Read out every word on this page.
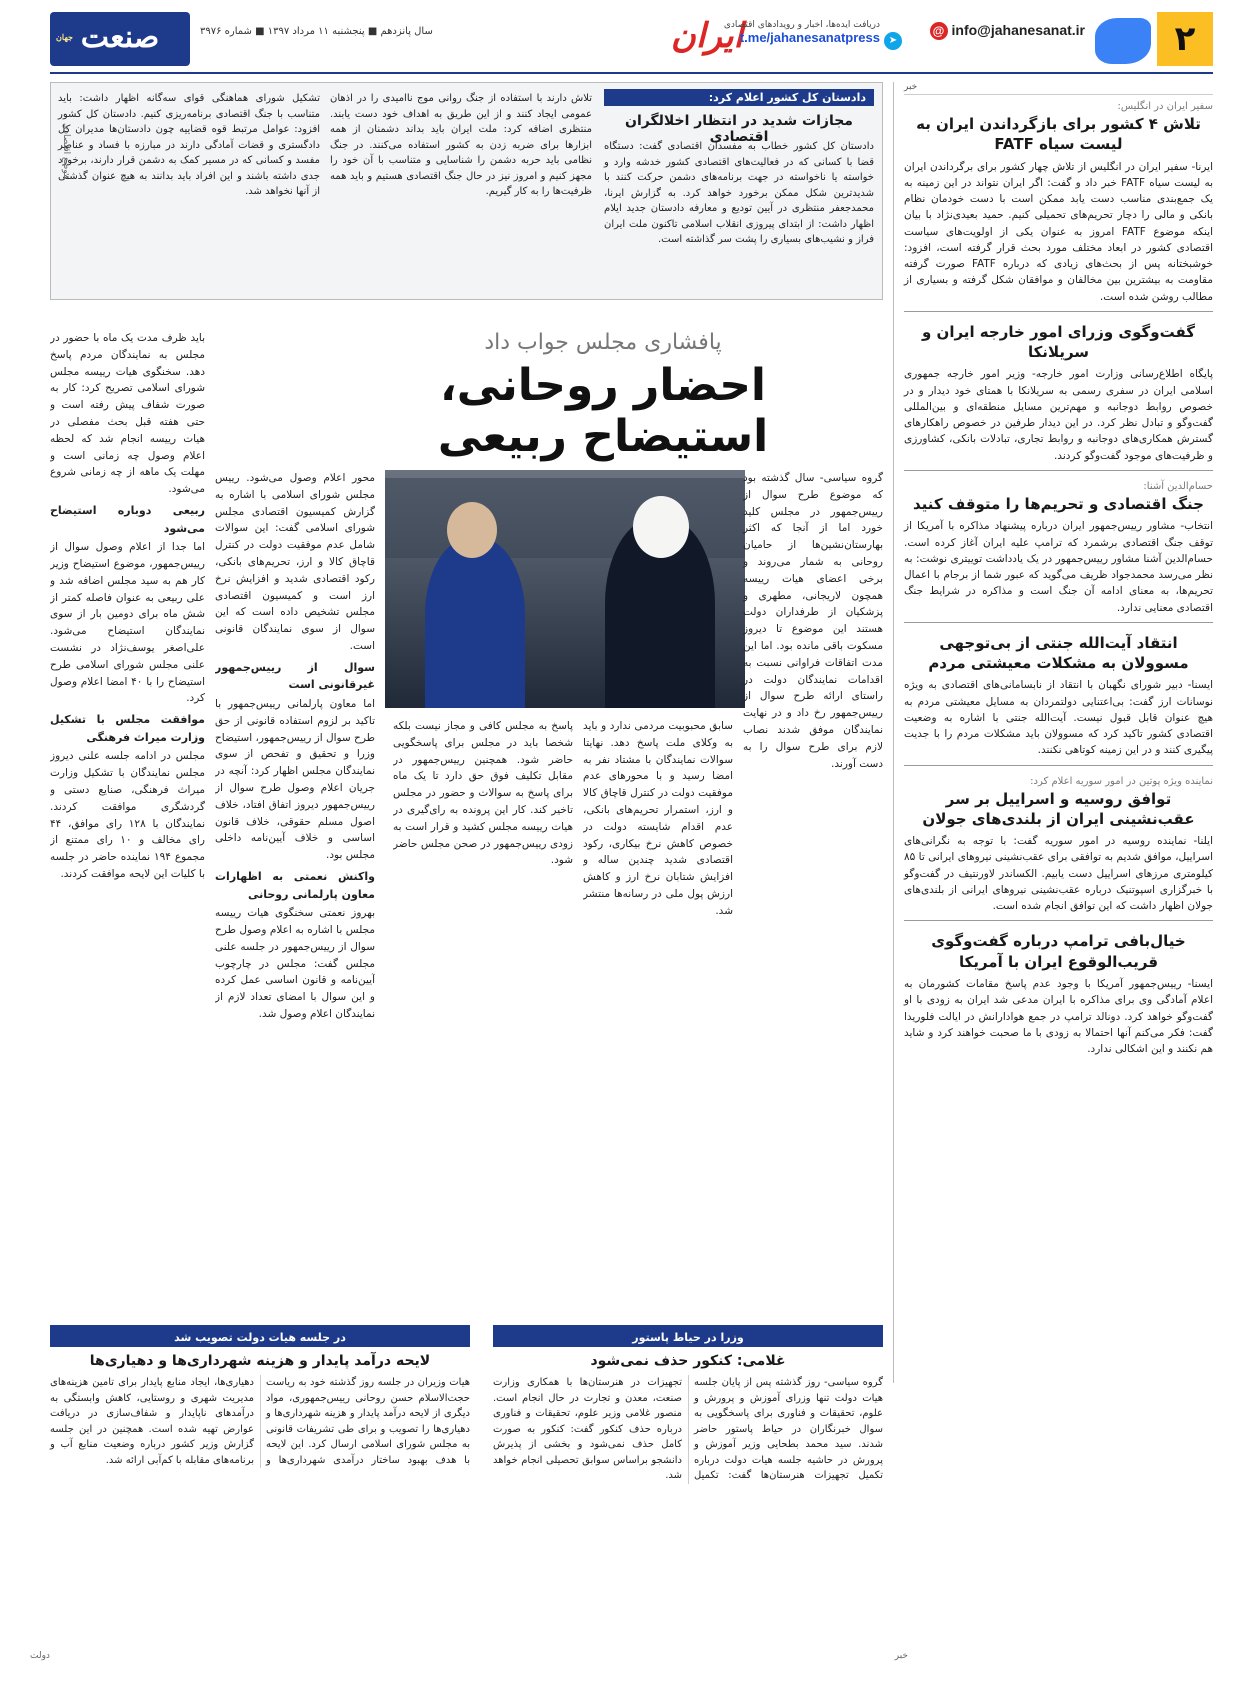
۲
@ info@jahanesanat.ir
ایران
دریافت ایده‌ها، اخبار و رویدادهای اقتصادی
t.me/jahanesanatpress ➤
سال پانزدهم ■ پنجشنبه ۱۱ مرداد ۱۳۹۷ ■ شماره ۳۹۷۶
صنعت
جهان
خبر
سفیر ایران در انگلیس:
تلاش ۴ کشور برای بازگرداندن ایران به لیست سیاه FATF
ایرنا- سفیر ایران در انگلیس از تلاش چهار کشور برای برگرداندن ایران به لیست سیاه FATF خبر داد و گفت: اگر ایران نتواند در این زمینه به یک جمع‌بندی مناسب دست یابد ممکن است با دست خودمان نظام بانکی و مالی را دچار تحریم‌های تحمیلی کنیم. حمید بعیدی‌نژاد با بیان اینکه موضوع FATF امروز به عنوان یکی از اولویت‌های سیاست اقتصادی کشور در ابعاد مختلف مورد بحث قرار گرفته است، افزود: خوشبختانه پس از بحث‌های زیادی که درباره FATF صورت گرفته مقاومت به بیشترین بین مخالفان و موافقان شکل گرفته و بسیاری از مطالب روشن شده است.
گفت‌وگوی وزرای امور خارجه ایران و سریلانکا
پایگاه اطلاع‌رسانی وزارت امور خارجه- وزیر امور خارجه جمهوری اسلامی ایران در سفری رسمی به سریلانکا با همتای خود دیدار و در خصوص روابط دوجانبه و مهم‌ترین مسایل منطقه‌ای و بین‌المللی گفت‌وگو و تبادل نظر کرد. در این دیدار طرفین در خصوص راهکارهای گسترش همکاری‌های دوجانبه و روابط تجاری، تبادلات بانکی، کشاورزی و ظرفیت‌های موجود گفت‌وگو کردند.
حسام‌الدین آشنا:
جنگ اقتصادی و تحریم‌ها را متوقف کنید
انتخاب- مشاور رییس‌جمهور ایران درباره پیشنهاد مذاکره با آمریکا از توقف جنگ اقتصادی برشمرد که ترامپ علیه ایران آغاز کرده است. حسام‌الدین آشنا مشاور رییس‌جمهور در یک یادداشت توییتری نوشت: به نظر می‌رسد محمدجواد ظریف می‌گوید که عبور شما از برجام با اعمال تحریم‌ها، به معنای ادامه آن جنگ است و مذاکره در شرایط جنگ اقتصادی معنایی ندارد.
انتقاد آیت‌الله جنتی از بی‌توجهی مسوولان به مشکلات معیشتی مردم
ایسنا- دبیر شورای نگهبان با انتقاد از نابسامانی‌های اقتصادی به ویژه نوسانات ارز گفت: بی‌اعتنایی دولتمردان به مسایل معیشتی مردم به هیچ عنوان قابل قبول نیست. آیت‌الله جنتی با اشاره به وضعیت اقتصادی کشور تاکید کرد که مسوولان باید مشکلات مردم را با جدیت پیگیری کنند و در این زمینه کوتاهی نکنند.
نماینده ویژه پوتین در امور سوریه اعلام کرد:
توافق روسیه و اسراییل بر سر عقب‌نشینی ایران از بلندی‌های جولان
ایلنا- نماینده روسیه در امور سوریه گفت: با توجه به نگرانی‌های اسراییل، موافق شدیم به توافقی برای عقب‌نشینی نیروهای ایرانی تا ۸۵ کیلومتری مرزهای اسراییل دست یابیم. الکساندر لاورنتیف در گفت‌وگو با خبرگزاری اسپوتنیک درباره عقب‌نشینی نیروهای ایرانی از بلندی‌های جولان اظهار داشت که این توافق انجام شده است.
خیال‌بافی ترامپ درباره گفت‌وگوی قریب‌الوقوع ایران با آمریکا
ایسنا- رییس‌جمهور آمریکا با وجود عدم پاسخ مقامات کشورمان به اعلام آمادگی وی برای مذاکره با ایران مدعی شد ایران به زودی با او گفت‌وگو خواهد کرد. دونالد ترامپ در جمع هوادارانش در ایالت فلوریدا گفت: فکر می‌کنم آنها احتمالا به زودی با ما صحبت خواهند کرد و شاید هم نکنند و این اشکالی ندارد.
دادستان کل کشور اعلام کرد:
مجازات شدید در انتظار اخلالگران اقتصادی
دادستان کل کشور خطاب به مفسدان اقتصادی گفت: دستگاه قضا با کسانی که در فعالیت‌های اقتصادی کشور خدشه وارد و خواسته یا ناخواسته در جهت برنامه‌های دشمن حرکت کنند با شدیدترین شکل ممکن برخورد خواهد کرد. به گزارش ایرنا، محمدجعفر منتظری در آیین تودیع و معارفه دادستان جدید ایلام اظهار داشت: از ابتدای پیروزی انقلاب اسلامی تاکنون ملت ایران فراز و نشیب‌های بسیاری را پشت سر گذاشته است.
تلاش دارند با استفاده از جنگ روانی موج ناامیدی را در اذهان عمومی ایجاد کنند و از این طریق به اهداف خود دست یابند. منتظری اضافه کرد: ملت ایران باید بداند دشمنان از همه ابزارها برای ضربه زدن به کشور استفاده می‌کنند. در جنگ نظامی باید حربه دشمن را شناسایی و متناسب با آن خود را مجهز کنیم و امروز نیز در حال جنگ اقتصادی هستیم و باید همه ظرفیت‌ها را به کار گیریم.
تشکیل شورای هماهنگی قوای سه‌گانه اظهار داشت: باید متناسب با جنگ اقتصادی برنامه‌ریزی کنیم. دادستان کل کشور افزود: عوامل مرتبط قوه قضاییه چون دادستان‌ها مدیران کل دادگستری و قضات آمادگی دارند در مبارزه با فساد و عناصر مفسد و کسانی که در مسیر کمک به دشمن قرار دارند، برخورد جدی داشته باشند و این افراد باید بدانند به هیچ عنوان گذشتی از آنها نخواهد شد.
موضع اقتصادی
پافشاری مجلس جواب داد
احضار روحانی، استیضاح ربیعی
گروه سیاسی- سال گذشته بود که موضوع طرح سوال از رییس‌جمهور در مجلس کلید خورد اما از آنجا که اکثر بهارستان‌نشین‌ها از حامیان روحانی به شمار می‌روند و برخی اعضای هیات رییسه همچون لاریجانی، مطهری و پزشکیان از طرفداران دولت هستند این موضوع تا دیروز مسکوت باقی مانده بود. اما این مدت اتفاقات فراوانی نسبت به اقدامات نمایندگان دولت در راستای ارائه طرح سوال از رییس‌جمهور رخ داد و در نهایت نمایندگان موفق شدند نصاب لازم برای طرح سوال را به دست آورند.
سابق محبوبیت مردمی ندارد و باید به وکلای ملت پاسخ دهد. نهایتا سوالات نمایندگان با مشتاد نفر به امضا رسید و با محورهای عدم موفقیت دولت در کنترل قاچاق کالا و ارز، استمرار تحریم‌های بانکی، عدم اقدام شایسته دولت در خصوص کاهش نرخ بیکاری، رکود اقتصادی شدید چندین ساله و افزایش شتابان نرخ ارز و کاهش ارزش پول ملی در رسانه‌ها منتشر شد.
پاسخ به مجلس کافی و مجاز نیست بلکه شخصا باید در مجلس برای پاسخگویی حاضر شود. همچنین رییس‌جمهور در مقابل تکلیف فوق حق دارد تا یک ماه برای پاسخ به سوالات و حضور در مجلس تاخیر کند. کار این پرونده به رای‌گیری در هیات رییسه مجلس کشید و قرار است به زودی رییس‌جمهور در صحن مجلس حاضر شود.
محور اعلام وصول می‌شود. رییس مجلس شورای اسلامی با اشاره به گزارش کمیسیون اقتصادی مجلس شورای اسلامی گفت: این سوالات شامل عدم موفقیت دولت در کنترل قاچاق کالا و ارز، تحریم‌های بانکی، رکود اقتصادی شدید و افزایش نرخ ارز است و کمیسیون اقتصادی مجلس تشخیص داده است که این سوال از سوی نمایندگان قانونی است.
سوال از رییس‌جمهور غیرقانونی است
اما معاون پارلمانی رییس‌جمهور با تاکید بر لزوم استفاده قانونی از حق طرح سوال از رییس‌جمهور، استیضاح وزرا و تحقیق و تفحص از سوی نمایندگان مجلس اظهار کرد: آنچه در جریان اعلام وصول طرح سوال از رییس‌جمهور دیروز اتفاق افتاد، خلاف اصول مسلم حقوقی، خلاف قانون اساسی و خلاف آیین‌نامه داخلی مجلس بود.
واکنش نعمتی به اظهارات معاون پارلمانی روحانی
بهروز نعمتی سخنگوی هیات رییسه مجلس با اشاره به اعلام وصول طرح سوال از رییس‌جمهور در جلسه علنی مجلس گفت: مجلس در چارچوب آیین‌نامه و قانون اساسی عمل کرده و این سوال با امضای تعداد لازم از نمایندگان اعلام وصول شد.
باید ظرف مدت یک ماه با حضور در مجلس به نمایندگان مردم پاسخ دهد. سخنگوی هیات رییسه مجلس شورای اسلامی تصریح کرد: کار به صورت شفاف پیش رفته است و حتی هفته قبل بحث مفصلی در هیات رییسه انجام شد که لحظه اعلام وصول چه زمانی است و مهلت یک ماهه از چه زمانی شروع می‌شود.
ربیعی دوباره استیضاح می‌شود
اما جدا از اعلام وصول سوال از رییس‌جمهور، موضوع استیضاح وزیر کار هم به سید مجلس اضافه شد و علی ربیعی به عنوان فاصله کمتر از شش ماه برای دومین بار از سوی نمایندگان استیضاح می‌شود. علی‌اصغر یوسف‌نژاد در نشست علنی مجلس شورای اسلامی طرح استیضاح را با ۴۰ امضا اعلام وصول کرد.
موافقت مجلس با تشکیل وزارت میراث فرهنگی
مجلس در ادامه جلسه علنی دیروز مجلس نمایندگان با تشکیل وزارت میراث فرهنگی، صنایع دستی و گردشگری موافقت کردند. نمایندگان با ۱۲۸ رای موافق، ۴۴ رای مخالف و ۱۰ رای ممتنع از مجموع ۱۹۴ نماینده حاضر در جلسه با کلیات این لایحه موافقت کردند.
وزرا در حیاط پاستور
غلامی: کنکور حذف نمی‌شود
گروه سیاسی- روز گذشته پس از پایان جلسه هیات دولت تنها وزرای آموزش و پرورش و علوم، تحقیقات و فناوری برای پاسخگویی به سوال خبرنگاران در حیاط پاستور حاضر شدند. سید محمد بطحایی وزیر آموزش و پرورش در حاشیه جلسه هیات دولت درباره تکمیل تجهیزات هنرستان‌ها گفت: تکمیل تجهیزات در هنرستان‌ها با همکاری وزارت صنعت، معدن و تجارت در حال انجام است. منصور غلامی وزیر علوم، تحقیقات و فناوری درباره حذف کنکور گفت: کنکور به صورت کامل حذف نمی‌شود و بخشی از پذیرش دانشجو براساس سوابق تحصیلی انجام خواهد شد.
در جلسه هیات دولت تصویب شد
لایحه درآمد پایدار و هزینه شهرداری‌ها و دهیاری‌ها
هیات وزیران در جلسه روز گذشته خود به ریاست حجت‌الاسلام حسن روحانی رییس‌جمهوری، مواد دیگری از لایحه درآمد پایدار و هزینه شهرداری‌ها و دهیاری‌ها را تصویب و برای طی تشریفات قانونی به مجلس شورای اسلامی ارسال کرد. این لایحه با هدف بهبود ساختار درآمدی شهرداری‌ها و دهیاری‌ها، ایجاد منابع پایدار برای تامین هزینه‌های مدیریت شهری و روستایی، کاهش وابستگی به درآمدهای ناپایدار و شفاف‌سازی در دریافت عوارض تهیه شده است. همچنین در این جلسه گزارش وزیر کشور درباره وضعیت منابع آب و برنامه‌های مقابله با کم‌آبی ارائه شد.
خبر
دولت
